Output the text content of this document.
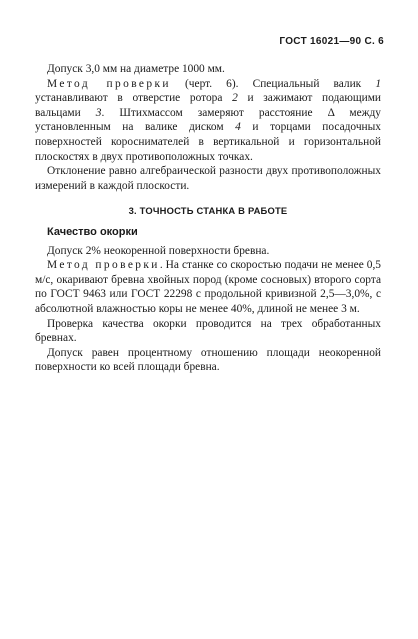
ГОСТ 16021—90 С. 6

Допуск 3,0 мм на диаметре 1000 мм.

Метод проверки (черт. 6). Специальный валик 1 устанавливают в отверстие ротора 2 и зажимают подающими вальцами 3. Штихмассом замеряют расстояние Δ между установленным на валике диском 4 и торцами посадочных поверхностей короснимателей в вертикальной и горизонтальной плоскостях в двух противоположных точках.

Отклонение равно алгебраической разности двух противоположных измерений в каждой плоскости.

3. ТОЧНОСТЬ СТАНКА В РАБОТЕ
Качество окорки

Допуск 2% неокоренной поверхности бревна.

Метод проверки. На станке со скоростью подачи не менее 0,5 м/с, окаривают бревна хвойных пород (кроме сосновых) второго сорта по ГОСТ 9463 или ГОСТ 22298 с продольной кривизной 2,5—3,0%, с абсолютной влажностью коры не менее 40%, длиной не менее 3 м.

Проверка качества окорки проводится на трех обработанных бревнах.

Допуск равен процентному отношению площади неокоренной поверхности ко всей площади бревна.
